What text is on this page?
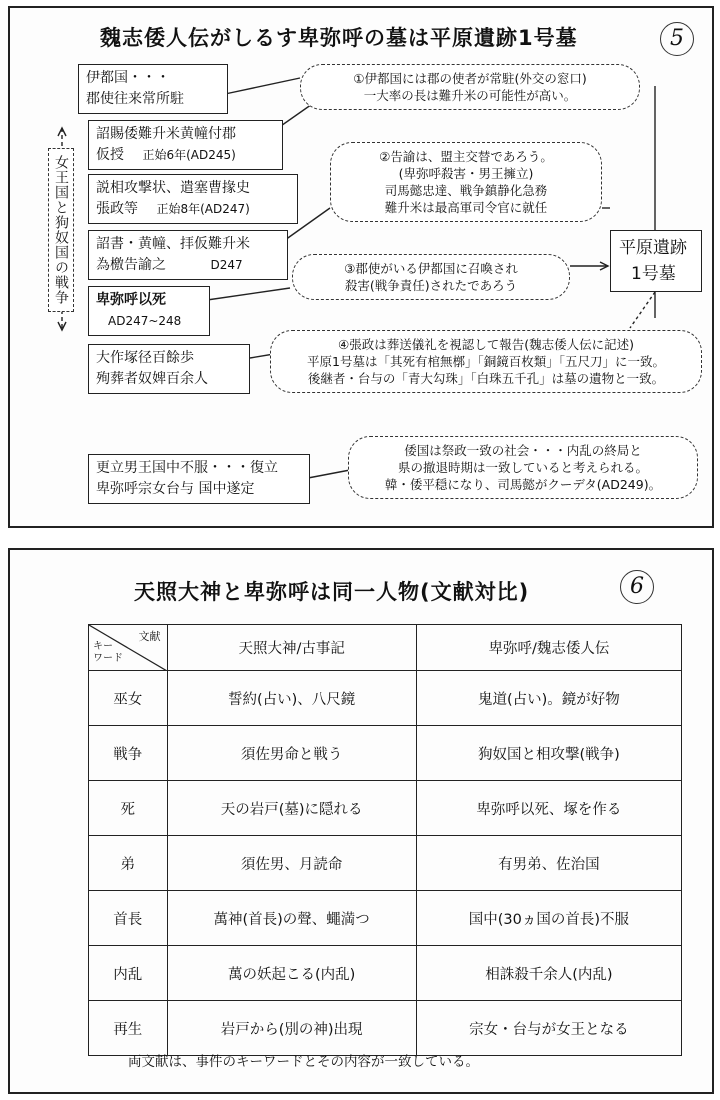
魏志倭人伝がしるす卑弥呼の墓は平原遺跡1号墓	5
女王国と狗奴国の戦争
伊都国・・・
郡使往来常所駐
詔賜倭難升米黄幢付郡
仮授 正始6年(AD245)
説相攻撃状、遣塞曹掾史
張政等 正始8年(AD247)
詔書・黄幢、拝仮難升米
為檄告諭之	D247
卑弥呼以死
AD247~248
大作塚径百餘歩
殉葬者奴婢百余人
更立男王国中不服・・・復立
卑弥呼宗女台与 国中遂定
①伊都国には郡の使者が常駐(外交の窓口)
一大率の長は難升米の可能性が高い。
②告諭は、盟主交替であろう。
(卑弥呼殺害・男王擁立)
司馬懿忠達、戦争鎮静化急務
難升米は最高軍司令官に就任
③郡使がいる伊都国に召喚され
殺害(戦争責任)されたであろう
④張政は葬送儀礼を視認して報告(魏志倭人伝に記述)
平原1号墓は「其死有棺無槨」「銅鏡百枚類」「五尺刀」に一致。
後継者・台与の「青大勾珠」「白珠五千孔」は墓の遺物と一致。
倭国は祭政一致の社会・・・内乱の終局と
県の撤退時期は一致していると考えられる。
韓・倭平穏になり、司馬懿がクーデタ(AD249)。
平原遺跡
1号墓
天照大神と卑弥呼は同一人物(文献対比)	6
文献
キー
ワード	天照大神/古事記	卑弥呼/魏志倭人伝
巫女	誓約(占い)、八尺鏡	鬼道(占い)。鏡が好物
戦争	須佐男命と戦う	狗奴国と相攻撃(戦争)
死	天の岩戸(墓)に隠れる	卑弥呼以死、塚を作る
弟	須佐男、月読命	有男弟、佐治国
首長	萬神(首長)の聲、蠅満つ	国中(30ヵ国の首長)不服
内乱	萬の妖起こる(内乱)	相誅殺千余人(内乱)
再生	岩戸から(別の神)出現	宗女・台与が女王となる
両文献は、事件のキーワードとその内容が一致している。
